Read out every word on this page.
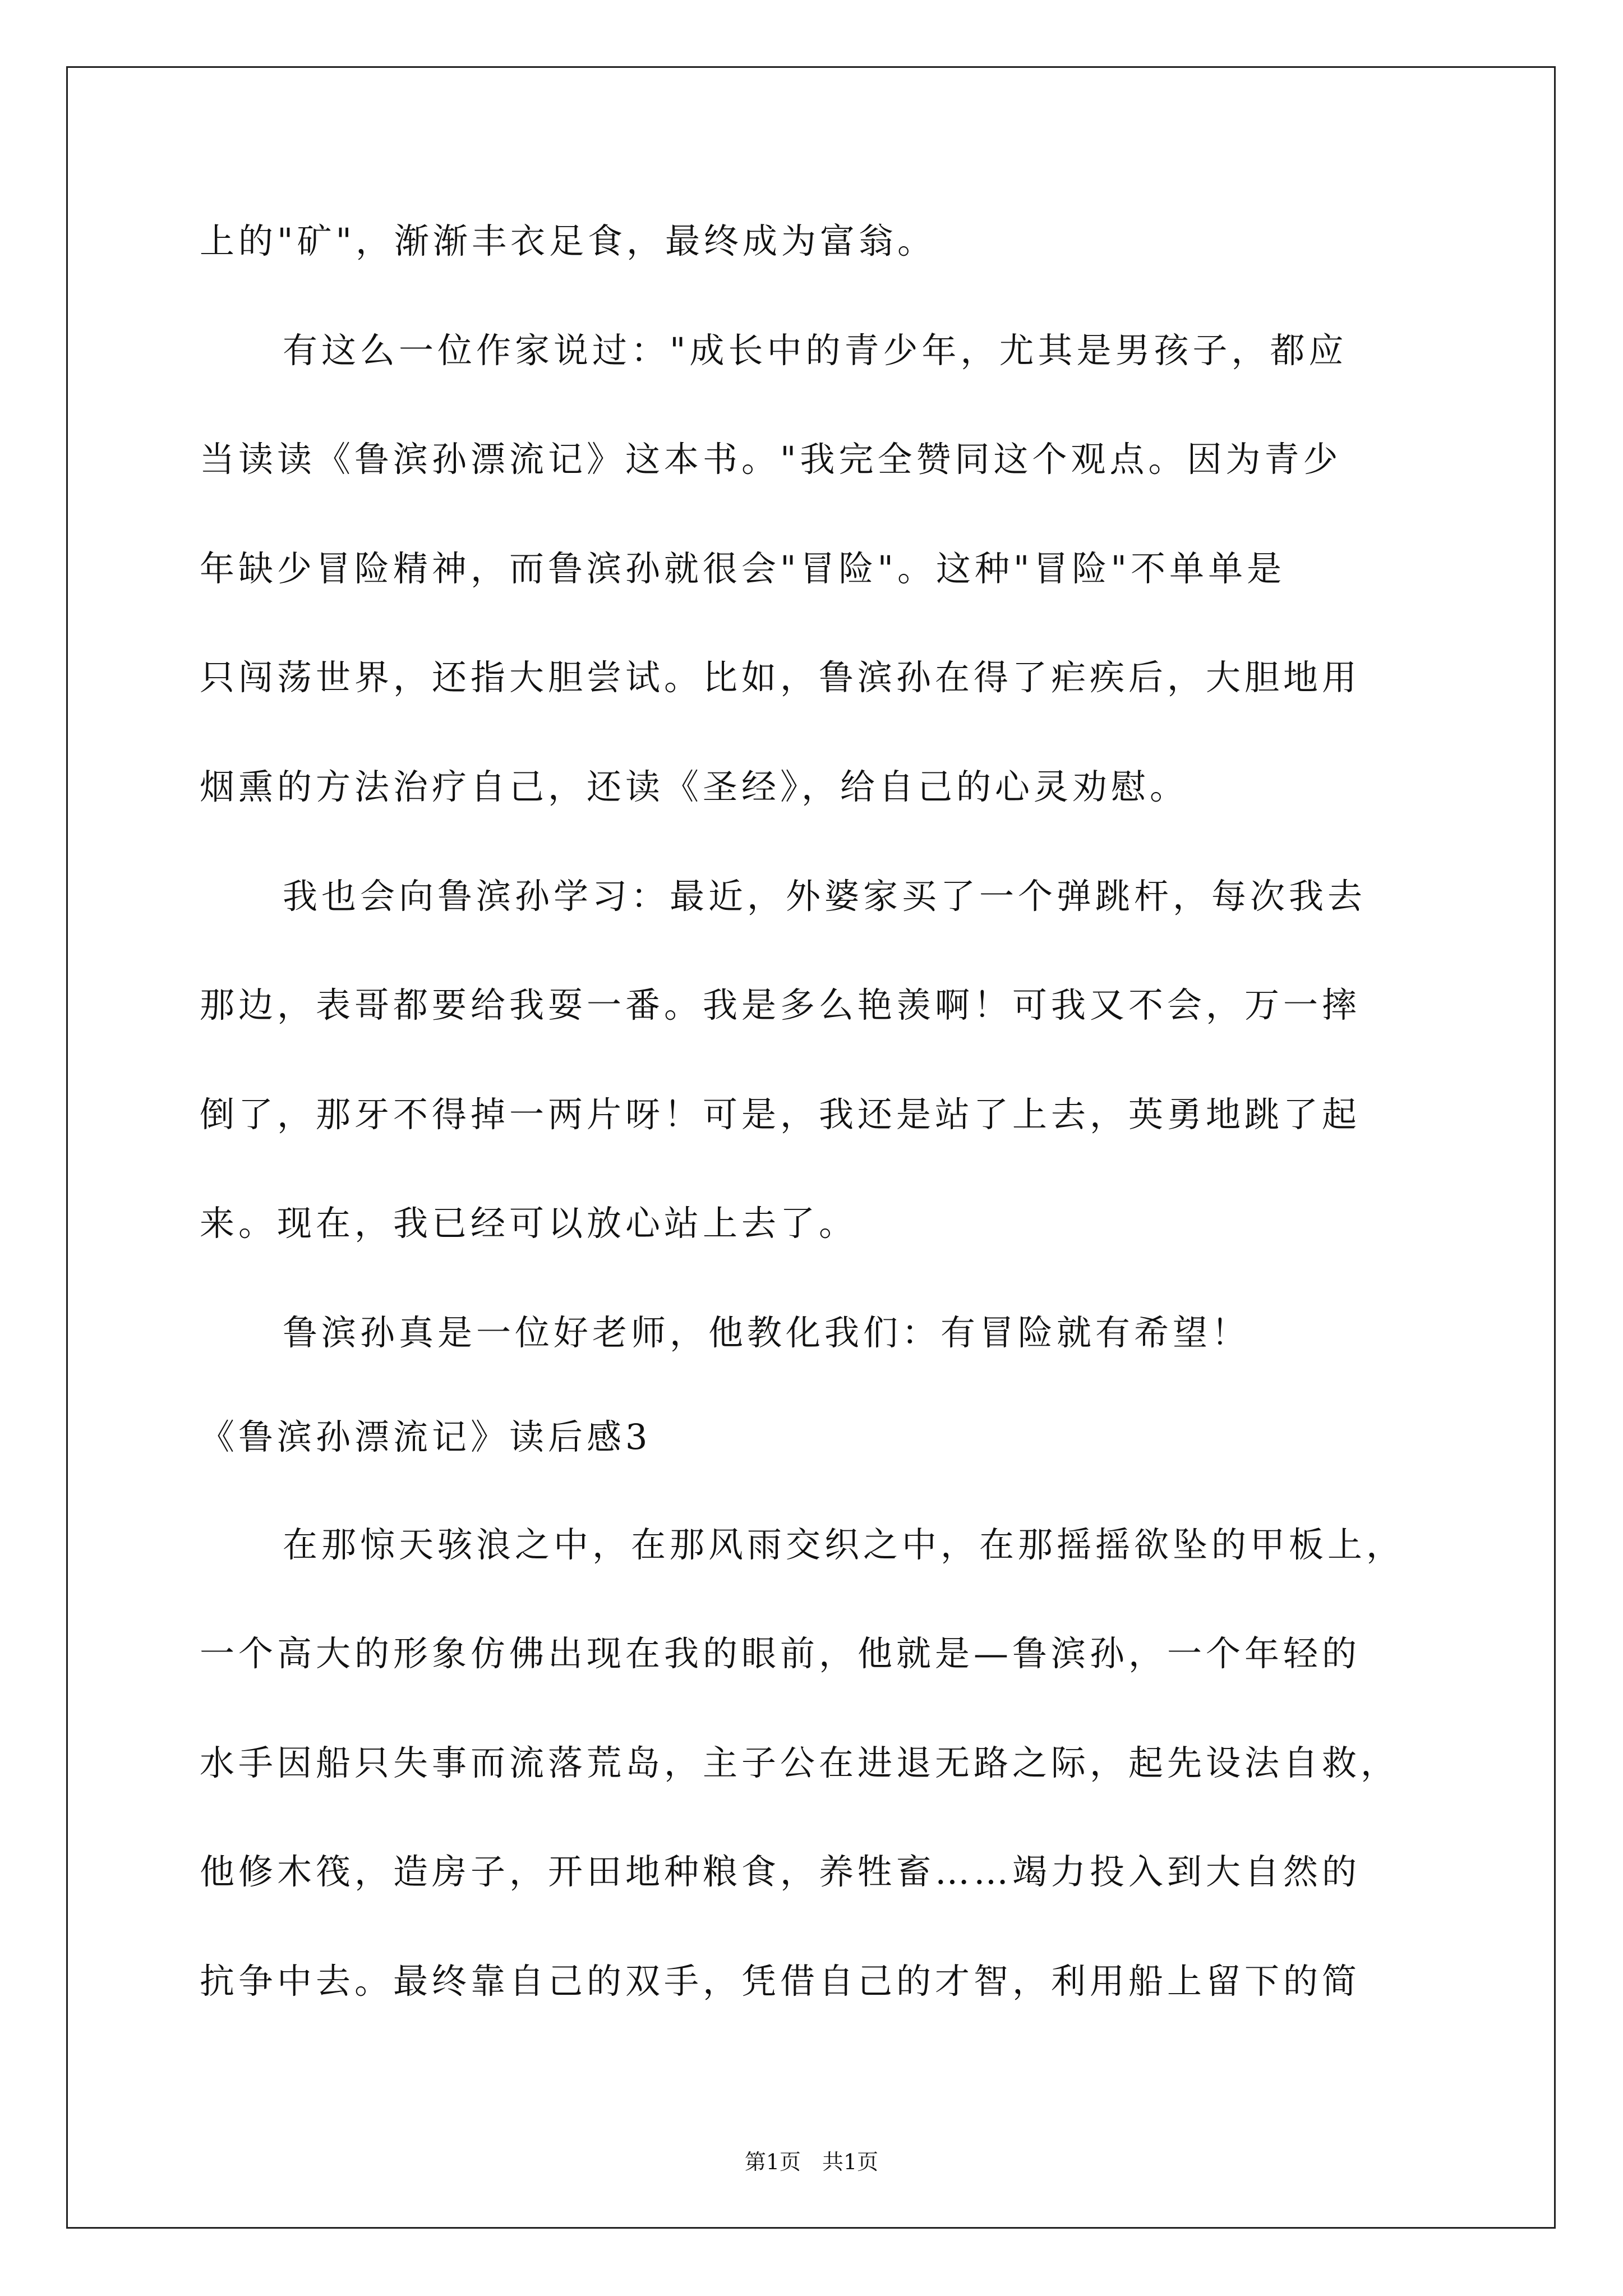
上的"矿"，渐渐丰衣足食，最终成为富翁。
有这么一位作家说过："成长中的青少年，尤其是男孩子，都应
当读读《鲁滨孙漂流记》这本书。"我完全赞同这个观点。因为青少
年缺少冒险精神，而鲁滨孙就很会"冒险"。这种"冒险"不单单是
只闯荡世界，还指大胆尝试。比如，鲁滨孙在得了疟疾后，大胆地用
烟熏的方法治疗自己，还读《圣经》，给自己的心灵劝慰。
我也会向鲁滨孙学习：最近，外婆家买了一个弹跳杆，每次我去
那边，表哥都要给我耍一番。我是多么艳羡啊！可我又不会，万一摔
倒了，那牙不得掉一两片呀！可是，我还是站了上去，英勇地跳了起
来。现在，我已经可以放心站上去了。
鲁滨孙真是一位好老师，他教化我们：有冒险就有希望！
《鲁滨孙漂流记》读后感3
在那惊天骇浪之中，在那风雨交织之中，在那摇摇欲坠的甲板上，
一个高大的形象仿佛出现在我的眼前，他就是—鲁滨孙，一个年轻的
水手因船只失事而流落荒岛，主子公在进退无路之际，起先设法自救，
他修木筏，造房子，开田地种粮食，养牲畜……竭力投入到大自然的
抗争中去。最终靠自己的双手，凭借自己的才智，利用船上留下的简
第1页　共1页
